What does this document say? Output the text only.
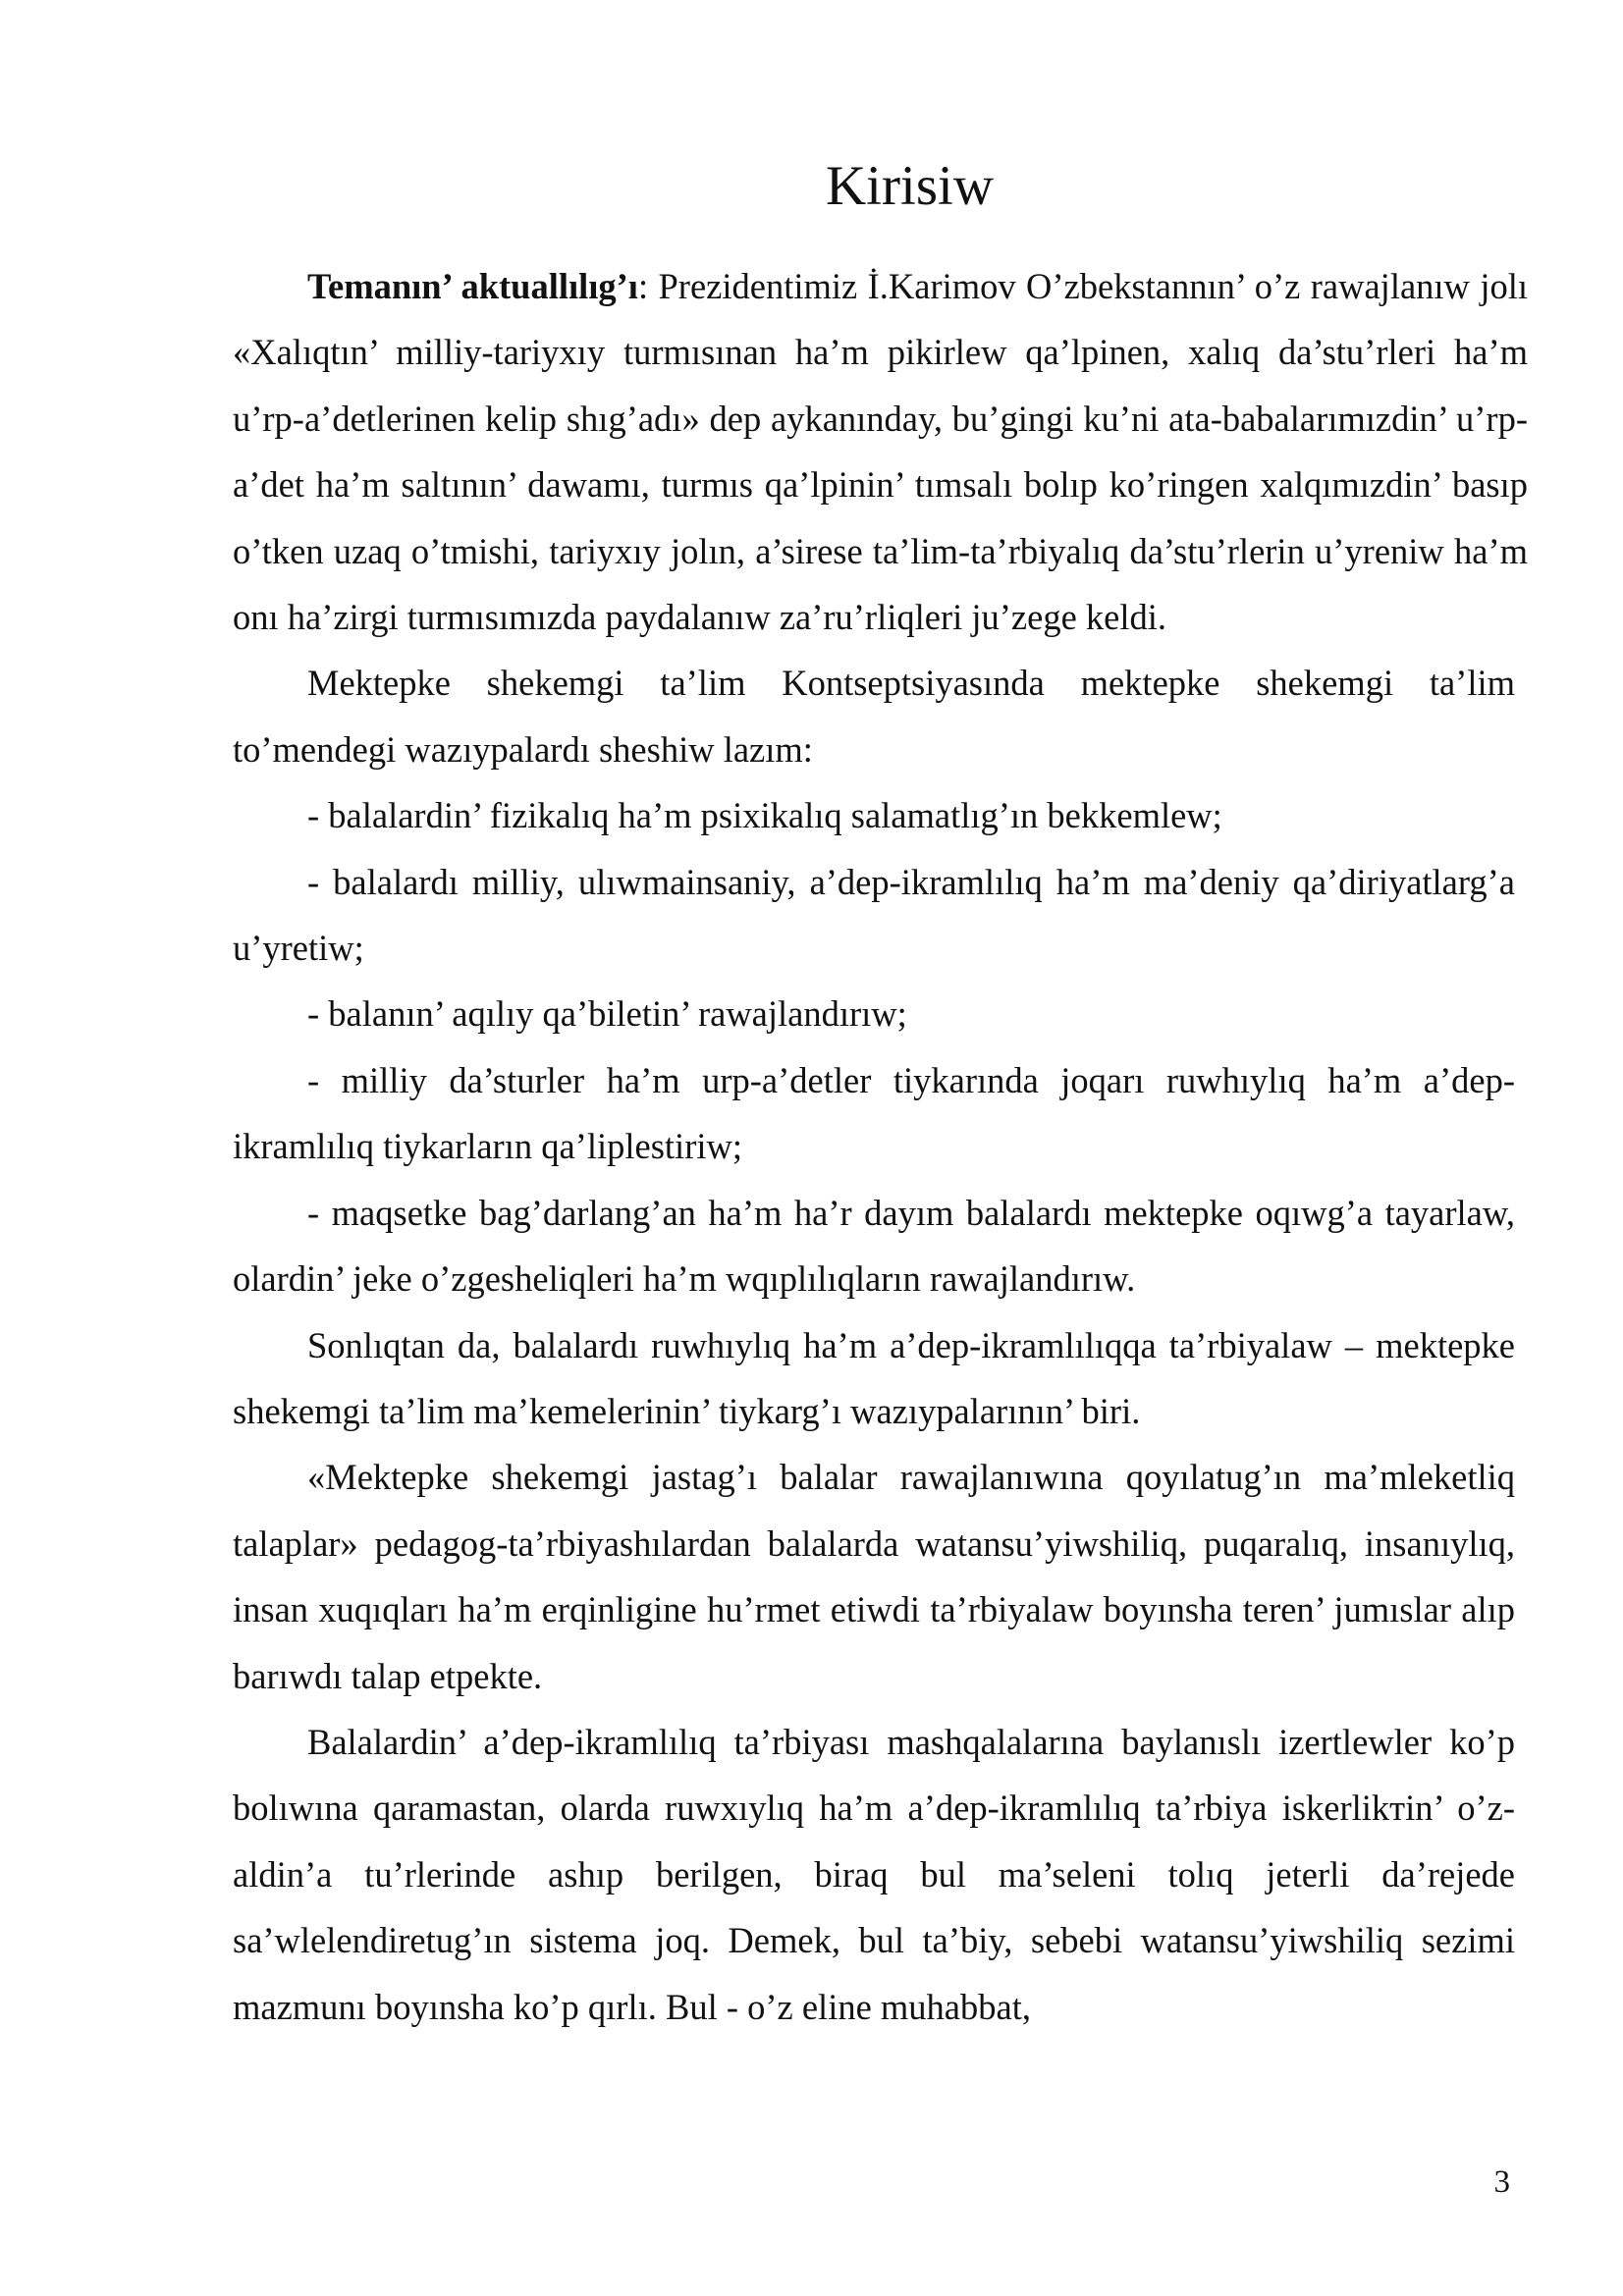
Kirisiw

Temanın’ aktuallılıg’ı: Prezidentimiz İ.Karimov O’zbekstannın’ o’z rawajlanıw jolı «Xalıqtın’ milliy-tariyxıy turmısınan ha’m pikirlew qa’lpinen, xalıq da’stu’rleri ha’m u’rp-a’detlerinen kelip shıg’adı» dep aykanınday, bu’gingi ku’ni ata-babalarımızdin’ u’rp-a’det ha’m saltının’ dawamı, turmıs qa’lpinin’ tımsalı bolıp ko’ringen xalqımızdin’ basıp o’tken uzaq o’tmishi, tariyxıy jolın, a’sirese ta’lim-ta’rbiyalıq da’stu’rlerin u’yreniw ha’m onı ha’zirgi turmısımızda paydalanıw za’ru’rliqleri ju’zege keldi.

Mektepke shekemgi ta’lim Kontseptsiyasında mektepke shekemgi ta’lim to’mendegi wazıypalardı sheshiw lazım:

- balalardin’ fizikalıq ha’m psixikalıq salamatlıg’ın bekkemlew;

- balalardı milliy, ulıwmainsaniy, a’dep-ikramlılıq ha’m ma’deniy qa’diriyatlarg’a u’yretiw;

- balanın’ aqılıy qa’biletin’ rawajlandırıw;

- milliy da’sturler ha’m urp-a’detler tiykarında joqarı ruwhıylıq ha’m a’dep-ikramlılıq tiykarların qa’liplestiriw;

- maqsetke bag’darlang’an ha’m ha’r dayım balalardı mektepke oqıwg’a tayarlaw, olardin’ jeke o’zgesheliqleri ha’m wqıplılıqların rawajlandırıw.

Sonlıqtan da, balalardı ruwhıylıq ha’m a’dep-ikramlılıqqa ta’rbiyalaw – mektepke shekemgi ta’lim ma’kemelerinin’ tiykarg’ı wazıypalarının’ biri.

«Mektepke shekemgi jastag’ı balalar rawajlanıwına qoyılatug’ın ma’mleketliq talaplar» pedagog-ta’rbiyashılardan balalarda watansu’yiwshiliq, puqaralıq, insanıylıq, insan xuqıqları ha’m erqinligine hu’rmet etiwdi ta’rbiyalaw boyınsha teren’ jumıslar alıp barıwdı talap etpekte.

Balalardin’ a’dep-ikramlılıq ta’rbiyası mashqalalarına baylanıslı izertlewler ko’p bolıwına qaramastan, olarda ruwxıylıq ha’m a’dep-ikramlılıq ta’rbiya iskerlikтin’ o’z-aldin’a tu’rlerinde ashıp berilgen, biraq bul ma’seleni tolıq jeterli da’rejede sa’wlelendiretug’ın sistema joq. Demek, bul ta’biy, sebebi watansu’yiwshiliq sezimi mazmunı boyınsha ko’p qırlı. Bul - o’z eline muhabbat,

3
